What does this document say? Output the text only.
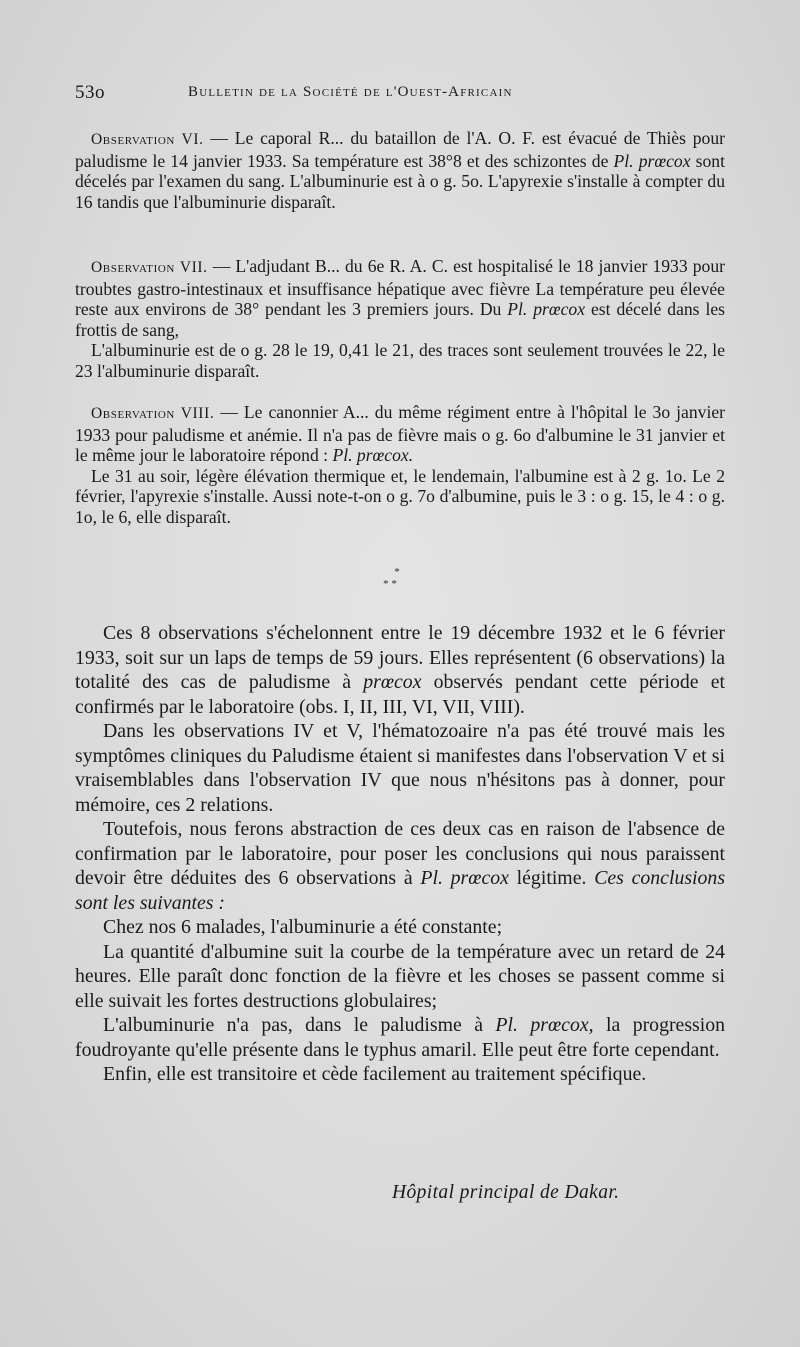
53o	Bulletin de la Société de l'Ouest-Africain

Observation VI. — Le caporal R... du bataillon de l'A. O. F. est évacué de Thiès pour paludisme le 14 janvier 1933. Sa température est 38°8 et des schizontes de Pl. prœcox sont décelés par l'examen du sang. L'albuminurie est à o g. 5o. L'apyrexie s'installe à compter du 16 tandis que l'albuminurie disparaît.

Observation VII. — L'adjudant B... du 6e R. A. C. est hospitalisé le 18 janvier 1933 pour troubtes gastro-intestinaux et insuffisance hépatique avec fièvre La température peu élevée reste aux environs de 38° pendant les 3 premiers jours. Du Pl. prœcox est décelé dans les frottis de sang,

L'albuminurie est de o g. 28 le 19, 0,41 le 21, des traces sont seulement trouvées le 22, le 23 l'albuminurie disparaît.

Observation VIII. — Le canonnier A... du même régiment entre à l'hôpital le 3o janvier 1933 pour paludisme et anémie. Il n'a pas de fièvre mais o g. 6o d'albumine le 31 janvier et le même jour le laboratoire répond : Pl. prœcox.

Le 31 au soir, légère élévation thermique et, le lendemain, l'albumine est à 2 g. 1o. Le 2 février, l'apyrexie s'installe. Aussi note-t-on o g. 7o d'albumine, puis le 3 : o g. 15, le 4 : o g. 1o, le 6, elle disparaît.

*
* *

Ces 8 observations s'échelonnent entre le 19 décembre 1932 et le 6 février 1933, soit sur un laps de temps de 59 jours. Elles représentent (6 observations) la totalité des cas de paludisme à prœcox observés pendant cette période et confirmés par le laboratoire (obs. I, II, III, VI, VII, VIII).

Dans les observations IV et V, l'hématozoaire n'a pas été trouvé mais les symptômes cliniques du Paludisme étaient si manifestes dans l'observation V et si vraisemblables dans l'observation IV que nous n'hésitons pas à donner, pour mémoire, ces 2 relations.

Toutefois, nous ferons abstraction de ces deux cas en raison de l'absence de confirmation par le laboratoire, pour poser les conclusions qui nous paraissent devoir être déduites des 6 observations à Pl. prœcox légitime. Ces conclusions sont les suivantes :

Chez nos 6 malades, l'albuminurie a été constante;

La quantité d'albumine suit la courbe de la température avec un retard de 24 heures. Elle paraît donc fonction de la fièvre et les choses se passent comme si elle suivait les fortes destructions globulaires;

L'albuminurie n'a pas, dans le paludisme à Pl. prœcox, la progression foudroyante qu'elle présente dans le typhus amaril. Elle peut être forte cependant.

Enfin, elle est transitoire et cède facilement au traitement spécifique.

Hôpital principal de Dakar.
